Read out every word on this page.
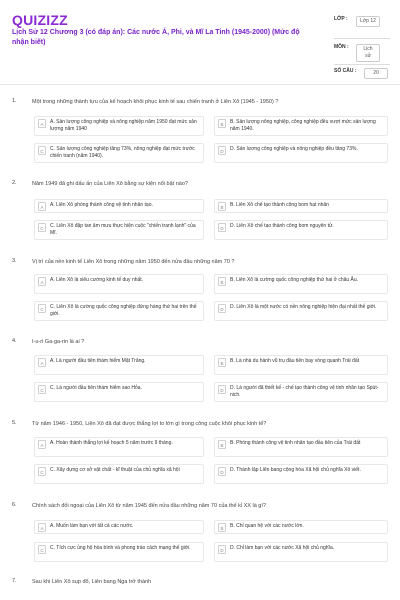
QUIZIZZ
Lịch Sử 12 Chương 3 (có đáp án): Các nước Á, Phi, và Mĩ La Tinh (1945-2000) (Mức độ nhận biết)
LỚP :	Lớp 12
MÔN :	Lịch sử
SỐ CÂU :	20
1.	Một trong những thành tựu của kế hoạch khôi phục kinh tế sau chiến tranh ở Liên Xô (1945 - 1950) ?
A	A. Sản lượng công nghiệp và nông nghiệp năm 1950 đạt mức sản lượng năm 1940
B	B. Sản lượng nông nghiệp, công nghiệp đều vượt mức sản lượng năm 1940.
C	C. Sản lượng công nghiệp tăng 73%, nông nghiệp đạt mức trước chiến tranh (năm 1940).
D	D. Sản lượng công nghiệp và nông nghiệp đều tăng 73%.
2.	Năm 1949 đã ghi dấu ấn của Liên Xô bằng sự kiện nổi bật nào?
A	A. Liên Xô phóng thành công vệ tinh nhân tạo.	B	B. Liên Xô chế tạo thành công bom hạt nhân
C	C. Liên Xô đập tan âm mưu thực hiện cuộc "chiến tranh lạnh" của Mĩ.
D	D. Liên Xô chế tạo thành công bom nguyên tử.
3.	Vị trí của nền kinh tế Liên Xô trong những năm 1950 đến nửa đầu những năm 70 ?
A	A. Liên Xô là siêu cường kinh tế duy nhất.	B	B. Liên Xô là cường quốc công nghiệp thứ hai ở châu Âu.
C	C. Liên Xô là cường quốc công nghiệp đứng hàng thứ hai trên thế giới.
D	D. Liên Xô là một nước có nền nông nghiệp hiện đại nhất thế giới.
4.	I-u-ri Ga-ga-rin là ai ?
A	A. Là người đầu tiên thám hiểm Mặt Trăng.	B	B. Là nhà du hành vũ trụ đầu tiên bay vòng quanh Trái đất
C	C. Là người đầu tiên thám hiểm sao Hỏa.	D	D. Là người đã thiết kế - chế tạo thành công vệ tinh nhân tạo Spút-nich.
5.	Từ năm 1946 - 1950, Liên Xô đã đạt được thắng lợi to lớn gì trong công cuộc khôi phục kinh tế?
A	A. Hoàn thành thắng lợi kế hoạch 5 năm trước 9 tháng.	B	B. Phóng thành công vệ tinh nhân tạo đầu tiên của Trái đất
C	C. Xây dựng cơ sở vật chất - kĩ thuật của chủ nghĩa xã hội	D	D. Thành lập Liên bang cộng hòa Xã hội chủ nghĩa Xô viết.
6.	Chính sách đối ngoại của Liên Xô từ năm 1945 đến nửa đầu những năm 70 của thế kỉ XX là gì?
A	A. Muốn làm bạn với tất cả các nước.	B	B. Chỉ quan hệ với các nước lớn.
C	C. Tích cực ủng hộ hòa bình và phong trào cách mạng thế giới.	D	D. Chỉ làm bạn với các nước Xã hội chủ nghĩa.
7.	Sau khi Liên Xô sụp đổ, Liên bang Nga trở thành
